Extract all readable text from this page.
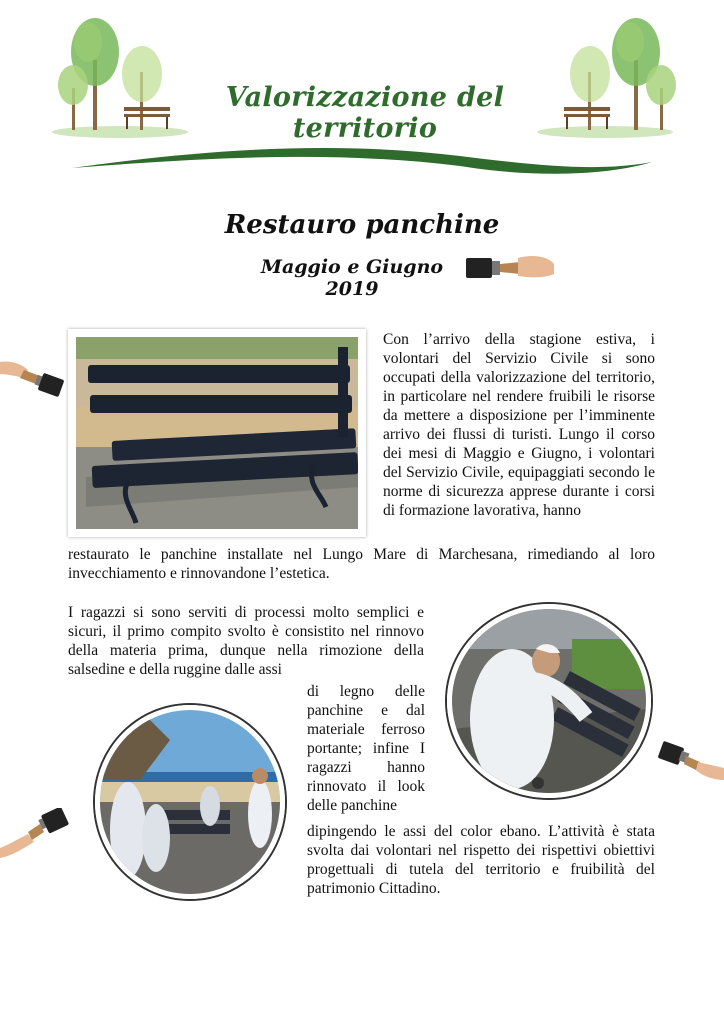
Valorizzazione del territorio
Restauro panchine
Maggio e Giugno 2019
Con l’arrivo della stagione estiva, i volontari del Servizio Civile si sono occupati della valorizzazione del territorio, in particolare nel rendere fruibili le risorse da mettere a disposizione per l’imminente arrivo dei flussi di turisti. Lungo il corso dei mesi di Maggio e Giugno, i volontari del Servizio Civile, equipaggiati secondo le norme di sicurezza apprese durante i corsi di formazione lavorativa, hanno
restaurato le panchine installate nel Lungo Mare di Marchesana, rimediando al loro invecchiamento e rinnovandone l’estetica.
I ragazzi si sono serviti di processi molto semplici e sicuri, il primo compito svolto è consistito nel rinnovo della materia prima, dunque nella rimozione della salsedine e della ruggine dalle assi
di legno delle panchine e dal materiale ferroso portante; infine I ragazzi hanno rinnovato il look delle panchine
dipingendo le assi del color ebano. L’attività è stata svolta dai volontari nel rispetto dei rispettivi obiettivi progettuali di tutela del territorio e fruibilità del patrimonio Cittadino.
